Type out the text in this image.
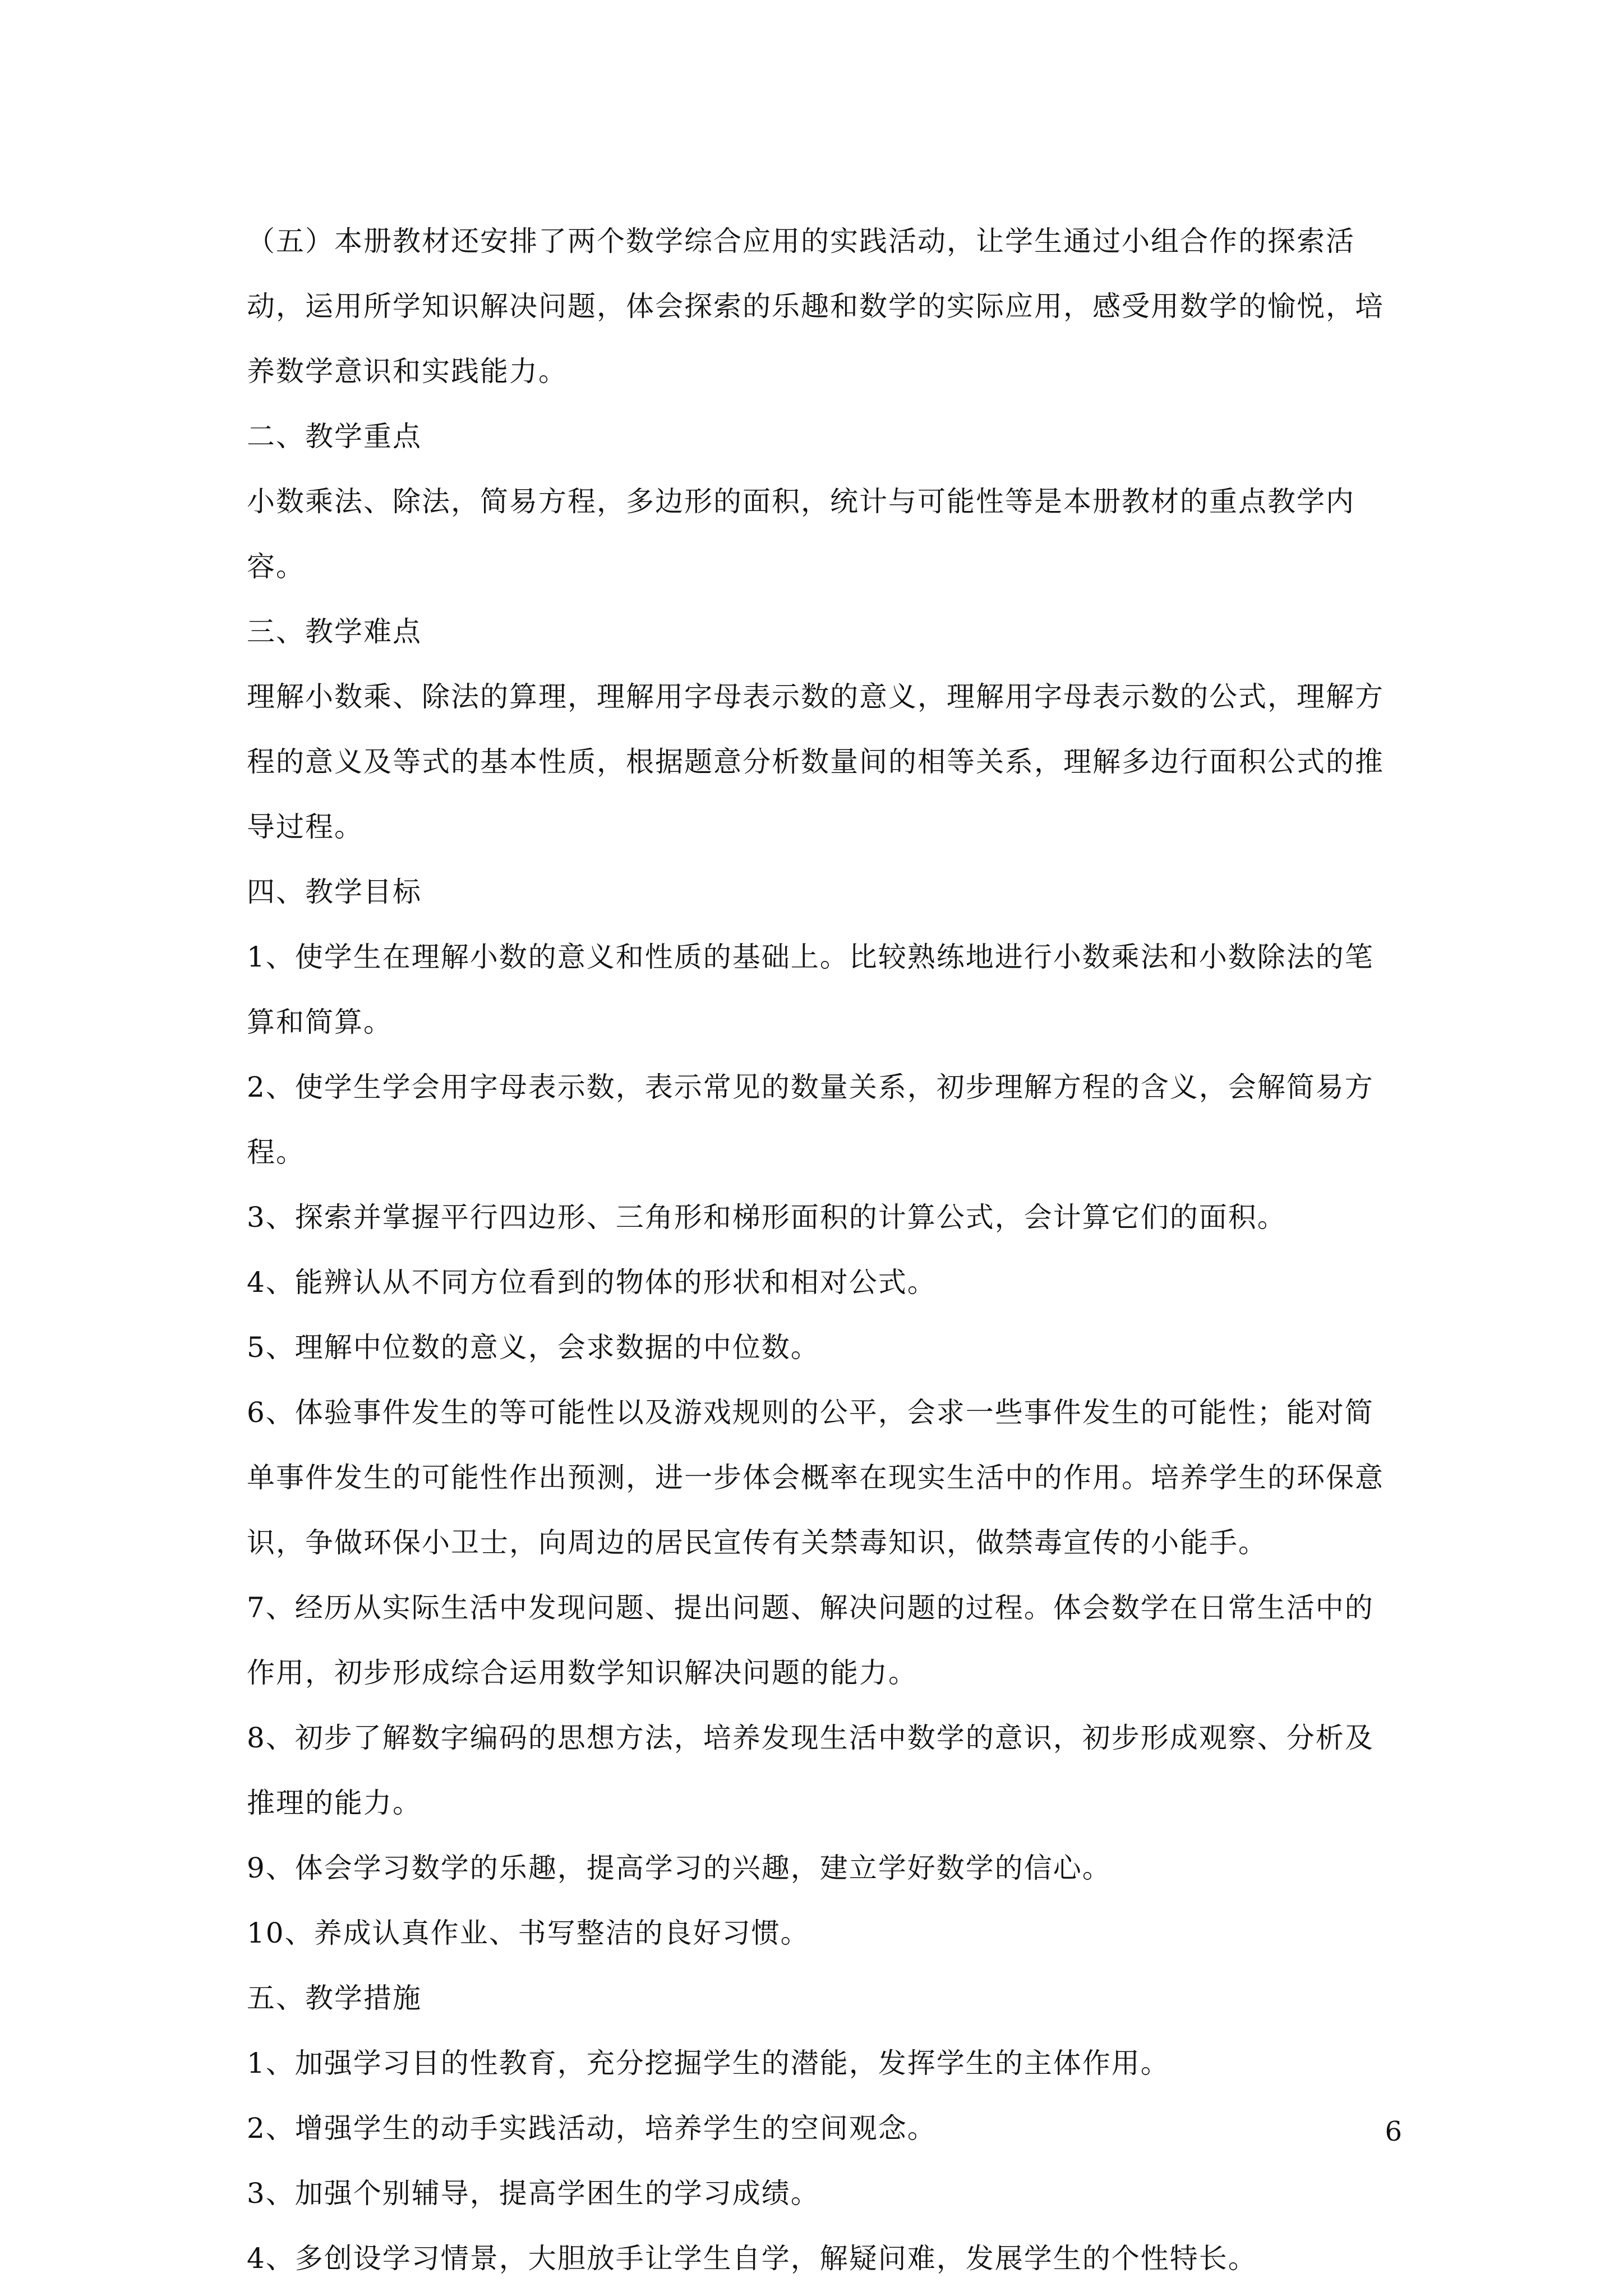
（五）本册教材还安排了两个数学综合应用的实践活动，让学生通过小组合作的探索活动，运用所学知识解决问题，体会探索的乐趣和数学的实际应用，感受用数学的愉悦，培养数学意识和实践能力。

二、教学重点

小数乘法、除法，简易方程，多边形的面积，统计与可能性等是本册教材的重点教学内容。

三、教学难点

理解小数乘、除法的算理，理解用字母表示数的意义，理解用字母表示数的公式，理解方程的意义及等式的基本性质，根据题意分析数量间的相等关系，理解多边行面积公式的推导过程。

四、教学目标

1、使学生在理解小数的意义和性质的基础上。比较熟练地进行小数乘法和小数除法的笔算和简算。

2、使学生学会用字母表示数，表示常见的数量关系，初步理解方程的含义，会解简易方程。

3、探索并掌握平行四边形、三角形和梯形面积的计算公式，会计算它们的面积。

4、能辨认从不同方位看到的物体的形状和相对公式。

5、理解中位数的意义，会求数据的中位数。

6、体验事件发生的等可能性以及游戏规则的公平，会求一些事件发生的可能性；能对简单事件发生的可能性作出预测，进一步体会概率在现实生活中的作用。培养学生的环保意识，争做环保小卫士，向周边的居民宣传有关禁毒知识，做禁毒宣传的小能手。

7、经历从实际生活中发现问题、提出问题、解决问题的过程。体会数学在日常生活中的作用，初步形成综合运用数学知识解决问题的能力。

8、初步了解数字编码的思想方法，培养发现生活中数学的意识，初步形成观察、分析及推理的能力。

9、体会学习数学的乐趣，提高学习的兴趣，建立学好数学的信心。

10、养成认真作业、书写整洁的良好习惯。

五、教学措施

1、加强学习目的性教育，充分挖掘学生的潜能，发挥学生的主体作用。

2、增强学生的动手实践活动，培养学生的空间观念。

3、加强个别辅导，提高学困生的学习成绩。

4、多创设学习情景，大胆放手让学生自学，解疑问难，发展学生的个性特长。

6
